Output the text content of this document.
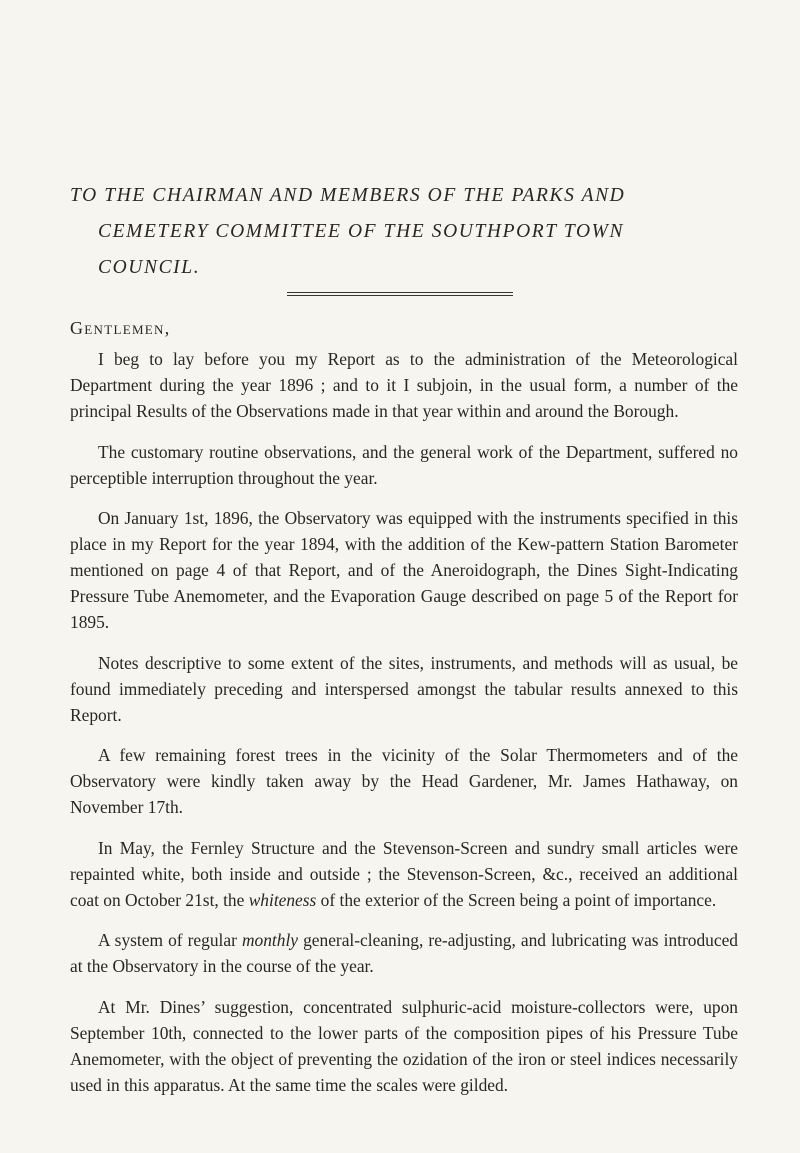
TO THE CHAIRMAN AND MEMBERS OF THE PARKS AND
CEMETERY COMMITTEE OF THE SOUTHPORT TOWN
COUNCIL.
Gentlemen,

I beg to lay before you my Report as to the administration of the Meteorological Department during the year 1896 ; and to it I subjoin, in the usual form, a number of the principal Results of the Observations made in that year within and around the Borough.

The customary routine observations, and the general work of the Department, suffered no perceptible interruption throughout the year.

On January 1st, 1896, the Observatory was equipped with the instruments specified in this place in my Report for the year 1894, with the addition of the Kew-pattern Station Barometer mentioned on page 4 of that Report, and of the Aneroidograph, the Dines Sight-Indicating Pressure Tube Anemometer, and the Evaporation Gauge described on page 5 of the Report for 1895.

Notes descriptive to some extent of the sites, instruments, and methods will as usual, be found immediately preceding and interspersed amongst the tabular results annexed to this Report.

A few remaining forest trees in the vicinity of the Solar Thermometers and of the Observatory were kindly taken away by the Head Gardener, Mr. James Hathaway, on November 17th.

In May, the Fernley Structure and the Stevenson-Screen and sundry small articles were repainted white, both inside and outside ; the Stevenson-Screen, &c., received an additional coat on October 21st, the whiteness of the exterior of the Screen being a point of importance.

A system of regular monthly general-cleaning, re-adjusting, and lubricating was introduced at the Observatory in the course of the year.

At Mr. Dines’ suggestion, concentrated sulphuric-acid moisture-collectors were, upon September 10th, connected to the lower parts of the composition pipes of his Pressure Tube Anemometer, with the object of preventing the ozidation of the iron or steel indices necessarily used in this apparatus. At the same time the scales were gilded.
